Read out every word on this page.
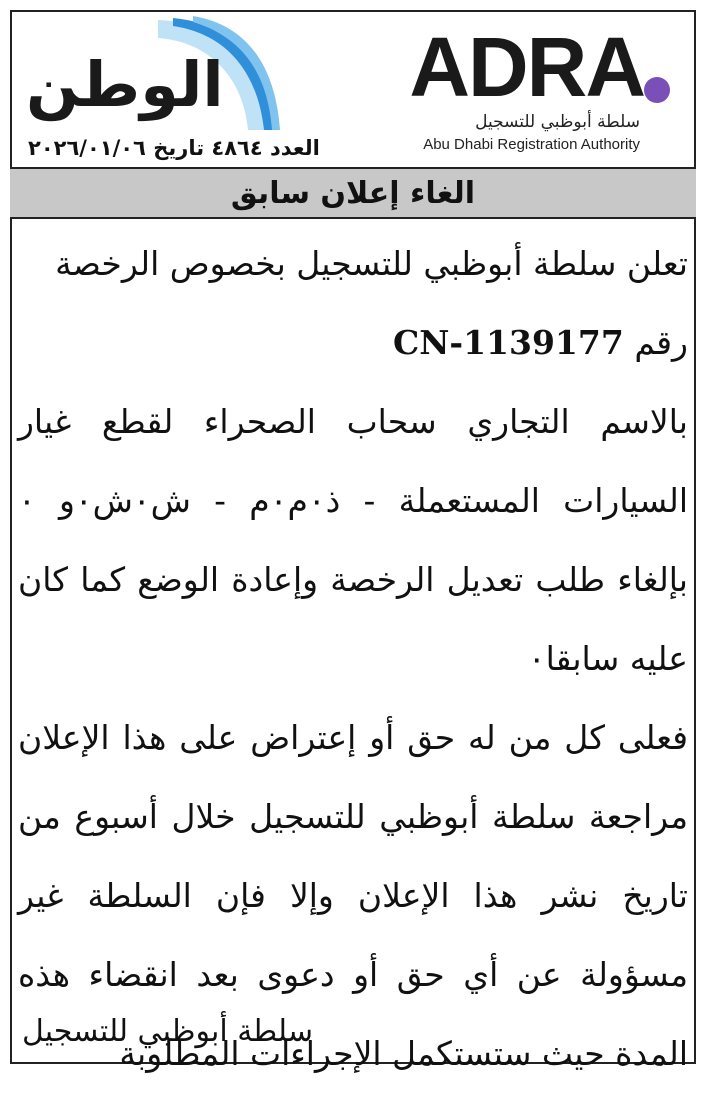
الوطن
العدد ٤٨٦٤ تاريخ ٢٠٢٦/٠١/٠٦
ADRA
سلطة أبوظبي للتسجيل
Abu Dhabi Registration Authority
الغاء إعلان سابق

تعلن سلطة أبوظبي للتسجيل بخصوص الرخصة
رقم CN-1139177

بالاسم التجاري سحاب الصحراء لقطع غيار السيارات المستعملة - ذ٠م٠م - ش٠ش٠و ٠ بإلغاء طلب تعديل الرخصة وإعادة الوضع كما كان عليه سابقا٠

فعلى كل من له حق أو إعتراض على هذا الإعلان مراجعة سلطة أبوظبي للتسجيل خلال أسبوع من تاريخ نشر هذا الإعلان وإلا فإن السلطة غير مسؤولة عن أي حق أو دعوى بعد انقضاء هذه المدة حيث ستستكمل الإجراءات المطلوبة

سلطة أبوظبي للتسجيل
